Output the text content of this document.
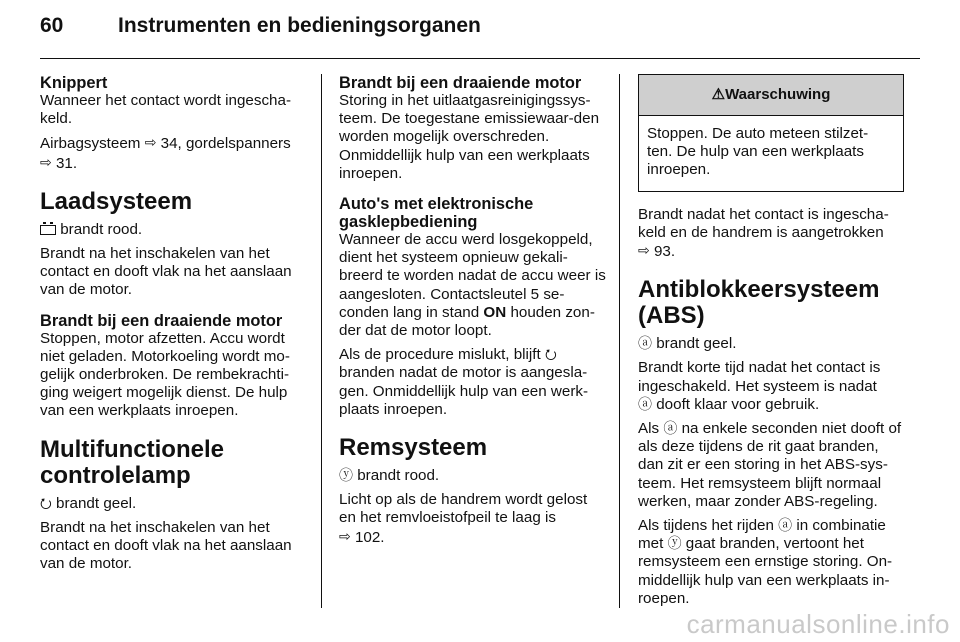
60	Instrumenten en bedieningsorganen
Knippert

Wanneer het contact wordt ingescha-keld.

Airbagsysteem ⇨ 34, gordelspanners
⇨ 31.

Laadsysteem

brandt rood.

Brandt na het inschakelen van het contact en dooft vlak na het aanslaan van de motor.

Brandt bij een draaiende motor

Stoppen, motor afzetten. Accu wordt niet geladen. Motorkoeling wordt mo-gelijk onderbroken. De rembekrachti-ging weigert mogelijk dienst. De hulp van een werkplaats inroepen.

Multifunctionele controlelamp

⭮ brandt geel.

Brandt na het inschakelen van het contact en dooft vlak na het aanslaan van de motor.

Brandt bij een draaiende motor

Storing in het uitlaatgasreinigingssys-teem. De toegestane emissiewaar-den worden mogelijk overschreden. Onmiddellijk hulp van een werkplaats inroepen.

Auto's met elektronische gasklepbediening

Wanneer de accu werd losgekoppeld, dient het systeem opnieuw gekali-breerd te worden nadat de accu weer is aangesloten. Contactsleutel 5 se-conden lang in stand ON houden zon-der dat de motor loopt.

Als de procedure mislukt, blijft ⭮ branden nadat de motor is aangesla-gen. Onmiddellijk hulp van een werk-plaats inroepen.

Remsysteem

ⓨ brandt rood.

Licht op als de handrem wordt gelost en het remvloeistofpeil te laag is
⇨ 102.

⚠Waarschuwing
Stoppen. De auto meteen stilzet-ten. De hulp van een werkplaats inroepen.

Brandt nadat het contact is ingescha-keld en de handrem is aangetrokken
⇨ 93.

Antiblokkeersysteem (ABS)

ⓐ brandt geel.

Brandt korte tijd nadat het contact is ingeschakeld. Het systeem is nadat
ⓐ dooft klaar voor gebruik.

Als ⓐ na enkele seconden niet dooft of als deze tijdens de rit gaat branden, dan zit er een storing in het ABS-sys-teem. Het remsysteem blijft normaal werken, maar zonder ABS-regeling.

Als tijdens het rijden ⓐ in combinatie met ⓨ gaat branden, vertoont het remsysteem een ernstige storing. On-middellijk hulp van een werkplaats in-roepen.

carmanualsonline.info
